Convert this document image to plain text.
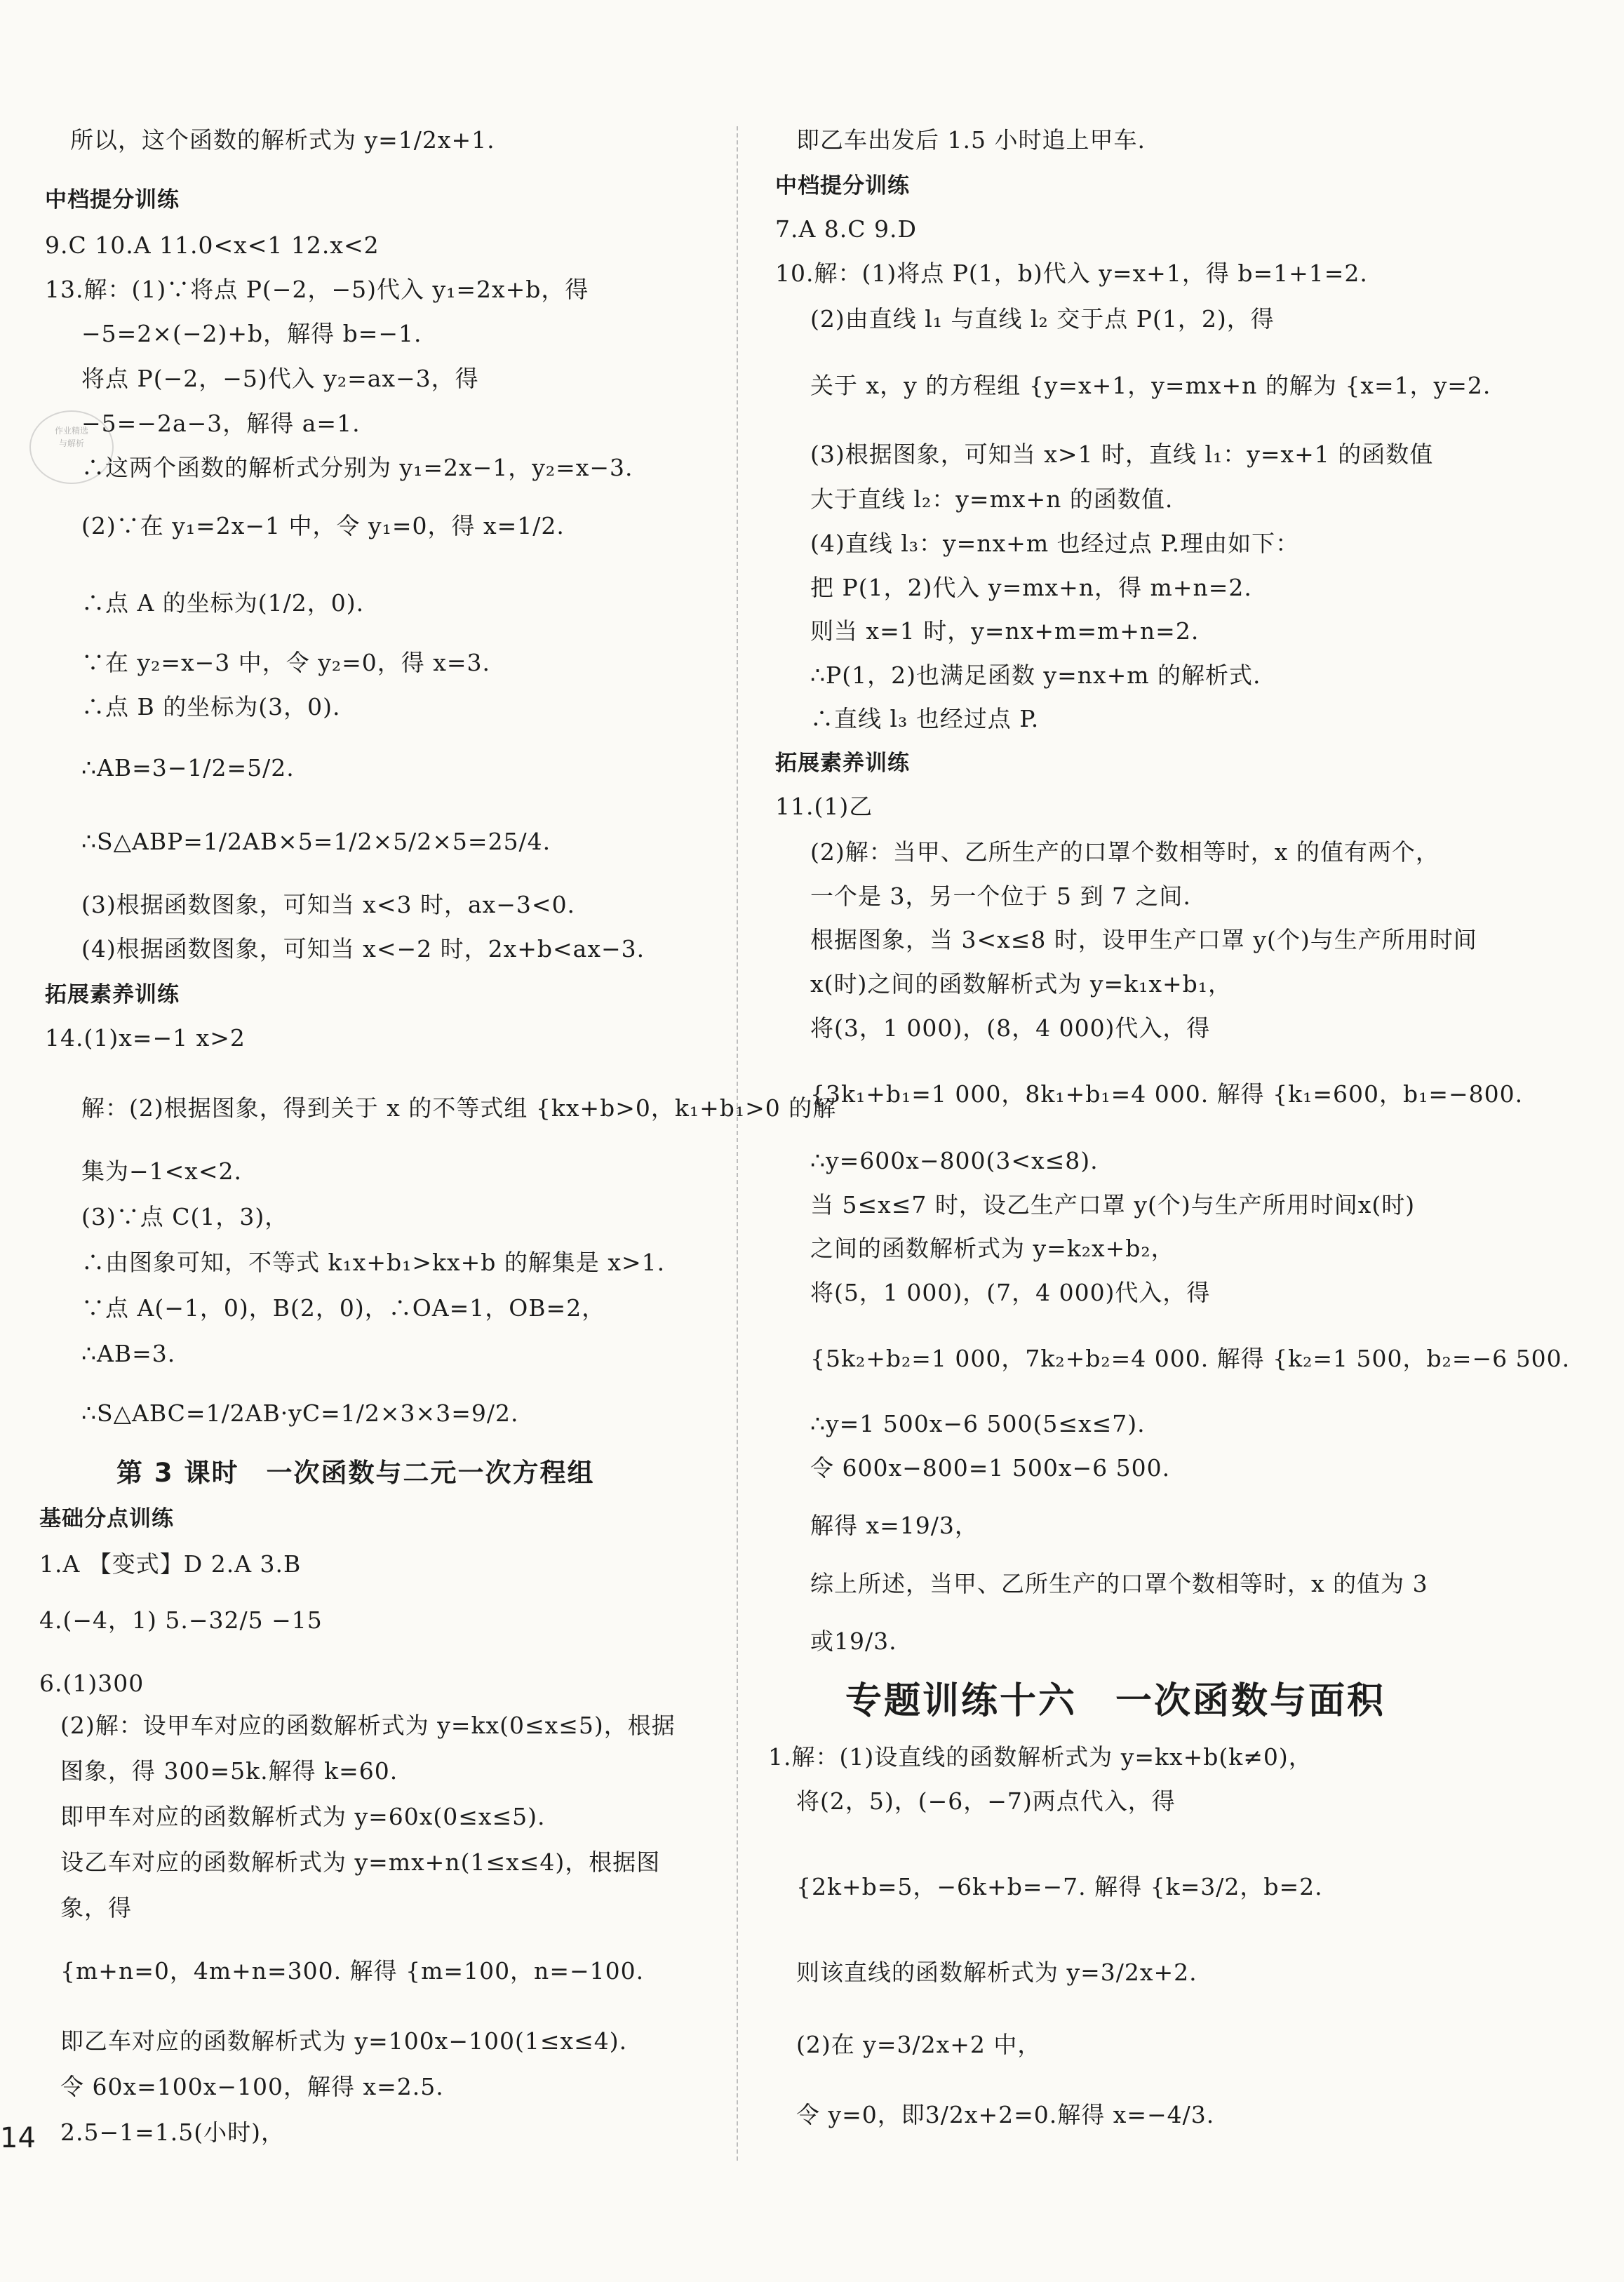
作业精选
与解析
所以，这个函数的解析式为 y=1/2x+1.
中档提分训练
9.C 10.A 11.0<x<1 12.x<2
13.解：(1)∵将点 P(−2，−5)代入 y₁=2x+b，得
−5=2×(−2)+b，解得 b=−1.
将点 P(−2，−5)代入 y₂=ax−3，得
−5=−2a−3，解得 a=1.
∴这两个函数的解析式分别为 y₁=2x−1，y₂=x−3.
(2)∵在 y₁=2x−1 中，令 y₁=0，得 x=1/2.
∴点 A 的坐标为(1/2，0).
∵在 y₂=x−3 中，令 y₂=0，得 x=3.
∴点 B 的坐标为(3，0).
∴AB=3−1/2=5/2.
∴S△ABP=1/2AB×5=1/2×5/2×5=25/4.
(3)根据函数图象，可知当 x<3 时，ax−3<0.
(4)根据函数图象，可知当 x<−2 时，2x+b<ax−3.
拓展素养训练
14.(1)x=−1 x>2
解：(2)根据图象，得到关于 x 的不等式组 {kx+b>0，k₁+b₁>0 的解
集为−1<x<2.
(3)∵点 C(1，3)，
∴由图象可知，不等式 k₁x+b₁>kx+b 的解集是 x>1.
∵点 A(−1，0)，B(2，0)，∴OA=1，OB=2，
∴AB=3.
∴S△ABC=1/2AB·yC=1/2×3×3=9/2.
第 3 课时　一次函数与二元一次方程组
基础分点训练
1.A 【变式】D 2.A 3.B
4.(−4，1) 5.−32/5 −15
6.(1)300
(2)解：设甲车对应的函数解析式为 y=kx(0≤x≤5)，根据
图象，得 300=5k.解得 k=60.
即甲车对应的函数解析式为 y=60x(0≤x≤5).
设乙车对应的函数解析式为 y=mx+n(1≤x≤4)，根据图
象，得
{m+n=0，4m+n=300. 解得 {m=100，n=−100.
即乙车对应的函数解析式为 y=100x−100(1≤x≤4).
令 60x=100x−100，解得 x=2.5.
2.5−1=1.5(小时)，
即乙车出发后 1.5 小时追上甲车.
中档提分训练
7.A 8.C 9.D
10.解：(1)将点 P(1，b)代入 y=x+1，得 b=1+1=2.
(2)由直线 l₁ 与直线 l₂ 交于点 P(1，2)，得
关于 x，y 的方程组 {y=x+1，y=mx+n 的解为 {x=1，y=2.
(3)根据图象，可知当 x>1 时，直线 l₁：y=x+1 的函数值
大于直线 l₂：y=mx+n 的函数值.
(4)直线 l₃：y=nx+m 也经过点 P.理由如下：
把 P(1，2)代入 y=mx+n，得 m+n=2.
则当 x=1 时，y=nx+m=m+n=2.
∴P(1，2)也满足函数 y=nx+m 的解析式.
∴直线 l₃ 也经过点 P.
拓展素养训练
11.(1)乙
(2)解：当甲、乙所生产的口罩个数相等时，x 的值有两个，
一个是 3，另一个位于 5 到 7 之间.
根据图象，当 3<x≤8 时，设甲生产口罩 y(个)与生产所用时间
x(时)之间的函数解析式为 y=k₁x+b₁，
将(3，1 000)，(8，4 000)代入，得
{3k₁+b₁=1 000，8k₁+b₁=4 000. 解得 {k₁=600，b₁=−800.
∴y=600x−800(3<x≤8).
当 5≤x≤7 时，设乙生产口罩 y(个)与生产所用时间x(时)
之间的函数解析式为 y=k₂x+b₂，
将(5，1 000)，(7，4 000)代入，得
{5k₂+b₂=1 000，7k₂+b₂=4 000. 解得 {k₂=1 500，b₂=−6 500.
∴y=1 500x−6 500(5≤x≤7).
令 600x−800=1 500x−6 500.
解得 x=19/3，
综上所述，当甲、乙所生产的口罩个数相等时，x 的值为 3
或19/3.
专题训练十六　一次函数与面积
1.解：(1)设直线的函数解析式为 y=kx+b(k≠0)，
将(2，5)，(−6，−7)两点代入，得
{2k+b=5，−6k+b=−7. 解得 {k=3/2，b=2.
则该直线的函数解析式为 y=3/2x+2.
(2)在 y=3/2x+2 中，
令 y=0，即3/2x+2=0.解得 x=−4/3.
14
